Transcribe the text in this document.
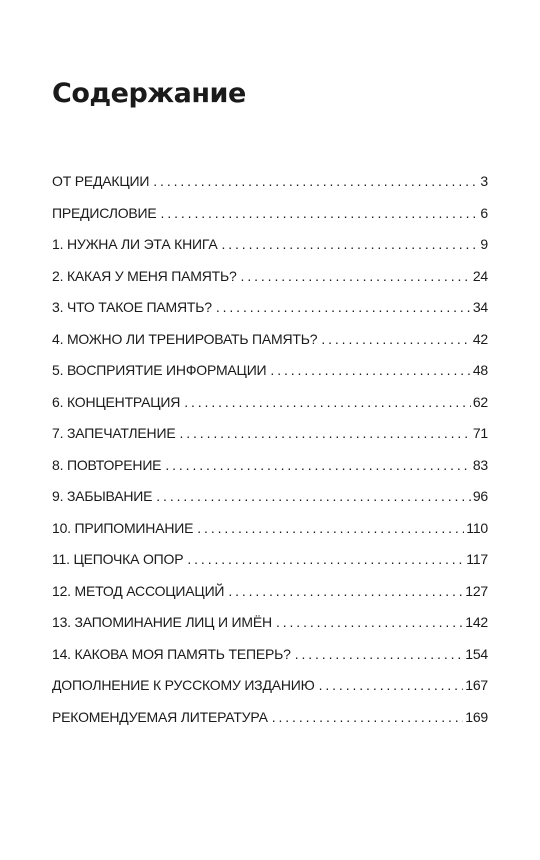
Содержание
ОТ РЕДАКЦИИ . . .	3
ПРЕДИСЛОВИЕ . . .	6
1. НУЖНА ЛИ ЭТА КНИГА . . .	9
2. КАКАЯ У МЕНЯ ПАМЯТЬ? . . .	24
3. ЧТО ТАКОЕ ПАМЯТЬ? . . .	34
4. МОЖНО ЛИ ТРЕНИРОВАТЬ ПАМЯТЬ? . . .	42
5. ВОСПРИЯТИЕ ИНФОРМАЦИИ . . .	48
6. КОНЦЕНТРАЦИЯ . . .	62
7. ЗАПЕЧАТЛЕНИЕ . . .	71
8. ПОВТОРЕНИЕ . . .	83
9. ЗАБЫВАНИЕ . . .	96
10. ПРИПОМИНАНИЕ . . .	110
11. ЦЕПОЧКА ОПОР . . .	117
12. МЕТОД АССОЦИАЦИЙ . . .	127
13. ЗАПОМИНАНИЕ ЛИЦ И ИМЁН . . .	142
14. КАКОВА МОЯ ПАМЯТЬ ТЕПЕРЬ? . . .	154
ДОПОЛНЕНИЕ К РУССКОМУ ИЗДАНИЮ . . .	167
РЕКОМЕНДУЕМАЯ ЛИТЕРАТУРА . . .	169
